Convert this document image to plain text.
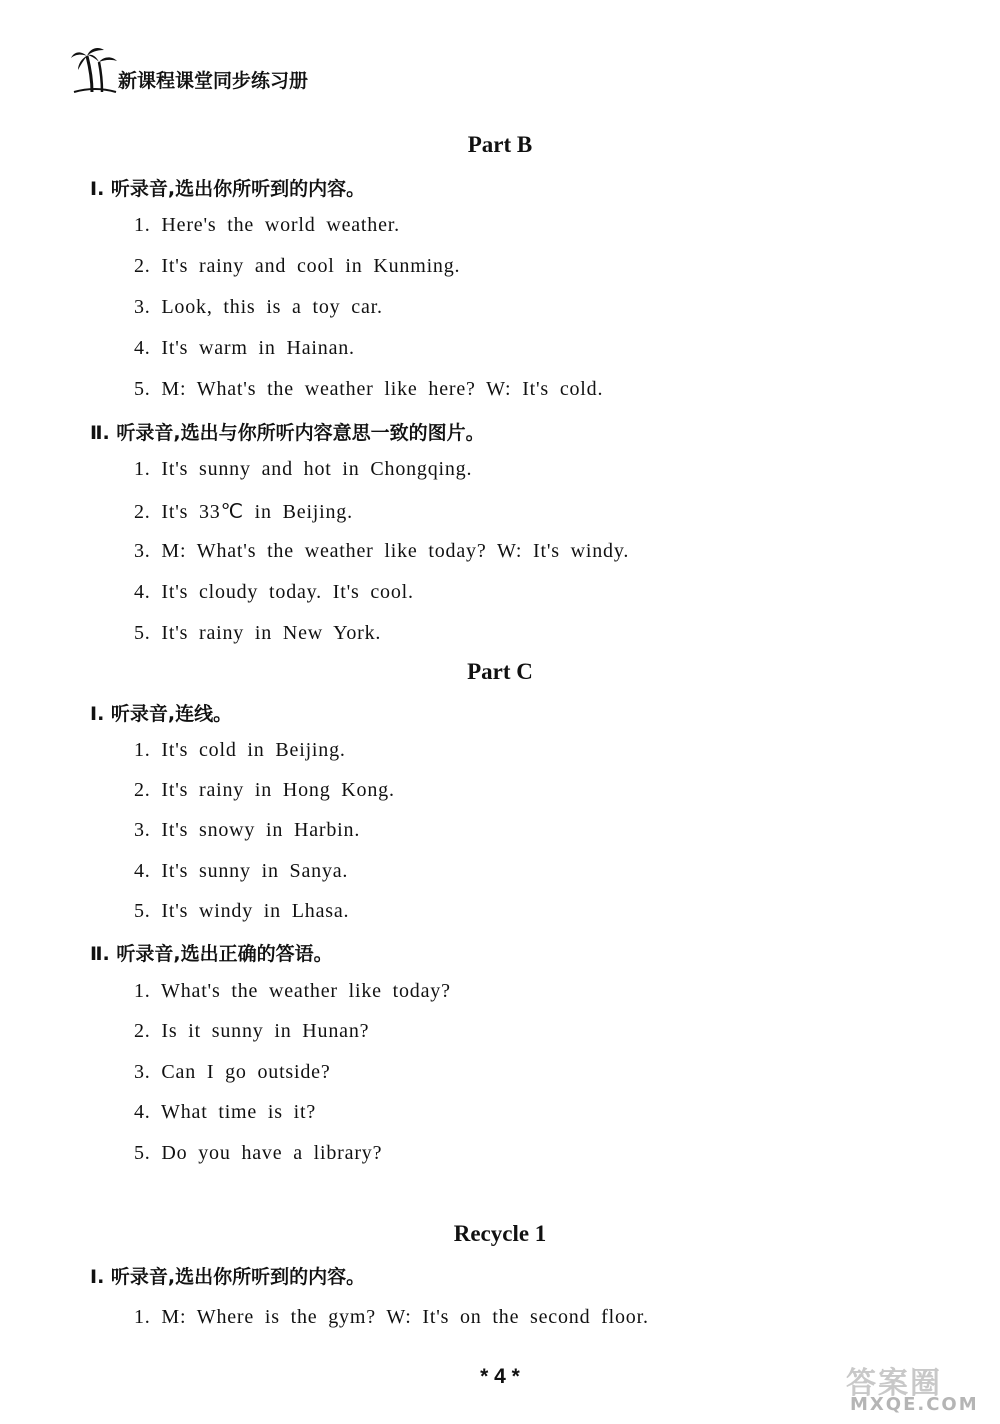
新课程课堂同步练习册
Part B
Ⅰ. 听录音,选出你所听到的内容。
1. Here's the world weather.
2. It's rainy and cool in Kunming.
3. Look, this is a toy car.
4. It's warm in Hainan.
5. M: What's the weather like here? W: It's cold.
Ⅱ. 听录音,选出与你所听内容意思一致的图片。
1. It's sunny and hot in Chongqing.
2. It's 33℃ in Beijing.
3. M: What's the weather like today? W: It's windy.
4. It's cloudy today. It's cool.
5. It's rainy in New York.
Part C
Ⅰ. 听录音,连线。
1. It's cold in Beijing.
2. It's rainy in Hong Kong.
3. It's snowy in Harbin.
4. It's sunny in Sanya.
5. It's windy in Lhasa.
Ⅱ. 听录音,选出正确的答语。
1. What's the weather like today?
2. Is it sunny in Hunan?
3. Can I go outside?
4. What time is it?
5. Do you have a library?
Recycle 1
Ⅰ. 听录音,选出你所听到的内容。
1. M: Where is the gym? W: It's on the second floor.
* 4 *	答案圈
MXQE.COM
